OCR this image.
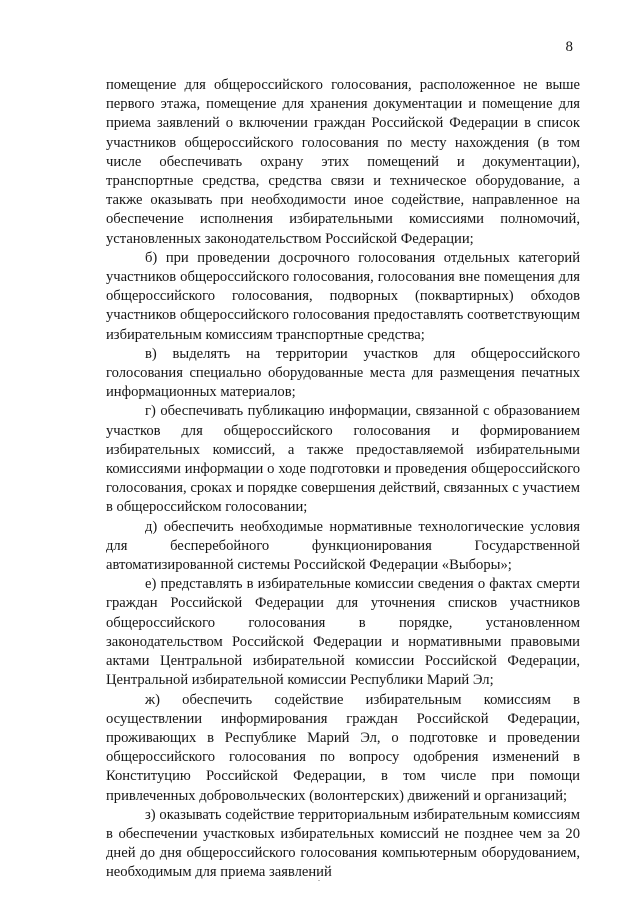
8

помещение для общероссийского голосования, расположенное не выше первого этажа, помещение для хранения документации и помещение для приема заявлений о включении граждан Российской Федерации в список участников общероссийского голосования по месту нахождения (в том числе обеспечивать охрану этих помещений и документации), транспортные средства, средства связи и техническое оборудование, а также оказывать при необходимости иное содействие, направленное на обеспечение исполнения избирательными комиссиями полномочий, установленных законодательством Российской Федерации;

б) при проведении досрочного голосования отдельных категорий участников общероссийского голосования, голосования вне помещения для общероссийского голосования, подворных (поквартирных) обходов участников общероссийского голосования предоставлять соответствующим избирательным комиссиям транспортные средства;

в) выделять на территории участков для общероссийского голосования специально оборудованные места для размещения печатных информационных материалов;

г) обеспечивать публикацию информации, связанной с образованием участков для общероссийского голосования и формированием избирательных комиссий, а также предоставляемой избирательными комиссиями информации о ходе подготовки и проведения общероссийского голосования, сроках и порядке совершения действий, связанных с участием в общероссийском голосовании;

д) обеспечить необходимые нормативные технологические условия для бесперебойного функционирования Государственной автоматизированной системы Российской Федерации «Выборы»;

е) представлять в избирательные комиссии сведения о фактах смерти граждан Российской Федерации для уточнения списков участников общероссийского голосования в порядке, установленном законодательством Российской Федерации и нормативными правовыми актами Центральной избирательной комиссии Российской Федерации, Центральной избирательной комиссии Республики Марий Эл;

ж) обеспечить содействие избирательным комиссиям в осуществлении информирования граждан Российской Федерации, проживающих в Республике Марий Эл, о подготовке и проведении общероссийского голосования по вопросу одобрения изменений в Конституцию Российской Федерации, в том числе при помощи привлеченных добровольческих (волонтерских) движений и организаций;

з) оказывать содействие территориальным избирательным комиссиям в обеспечении участковых избирательных комиссий не позднее чем за 20 дней до дня общероссийского голосования компьютерным оборудованием, необходимым для приема заявлений
